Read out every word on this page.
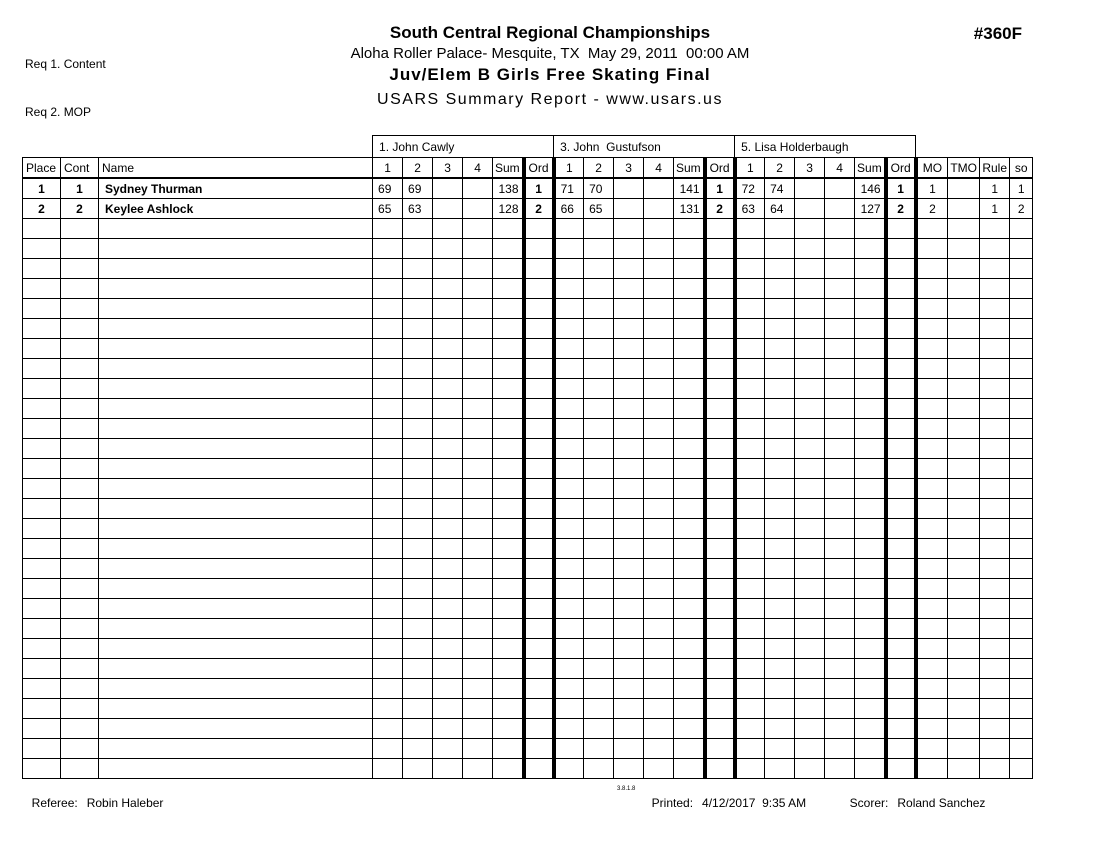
Req 1. Content

Req 2. MOP

South Central Regional Championships
Aloha Roller Palace- Mesquite, TX  May 29, 2011  00:00 AM
Juv/Elem B Girls Free Skating Final
USARS Summary Report - www.usars.us
#360F
			1. John Cawly						3. John  Gustufson						5. Lisa Holderbaugh									
Place	Cont	Name	1	2	3	4	Sum	Ord	1	2	3	4	Sum	Ord	1	2	3	4	Sum	Ord	MO	TMO	Rule	so
1	1	Sydney Thurman	69	69			138	1	71	70			141	1	72	74			146	1	1		1	1
2	2	Keylee Ashlock	65	63			128	2	66	65			131	2	63	64			127	2	2		1	2

Referee: Robin Haleber

3.8.1.8

Printed: 4/12/2017  9:35 AM	Scorer: Roland Sanchez
